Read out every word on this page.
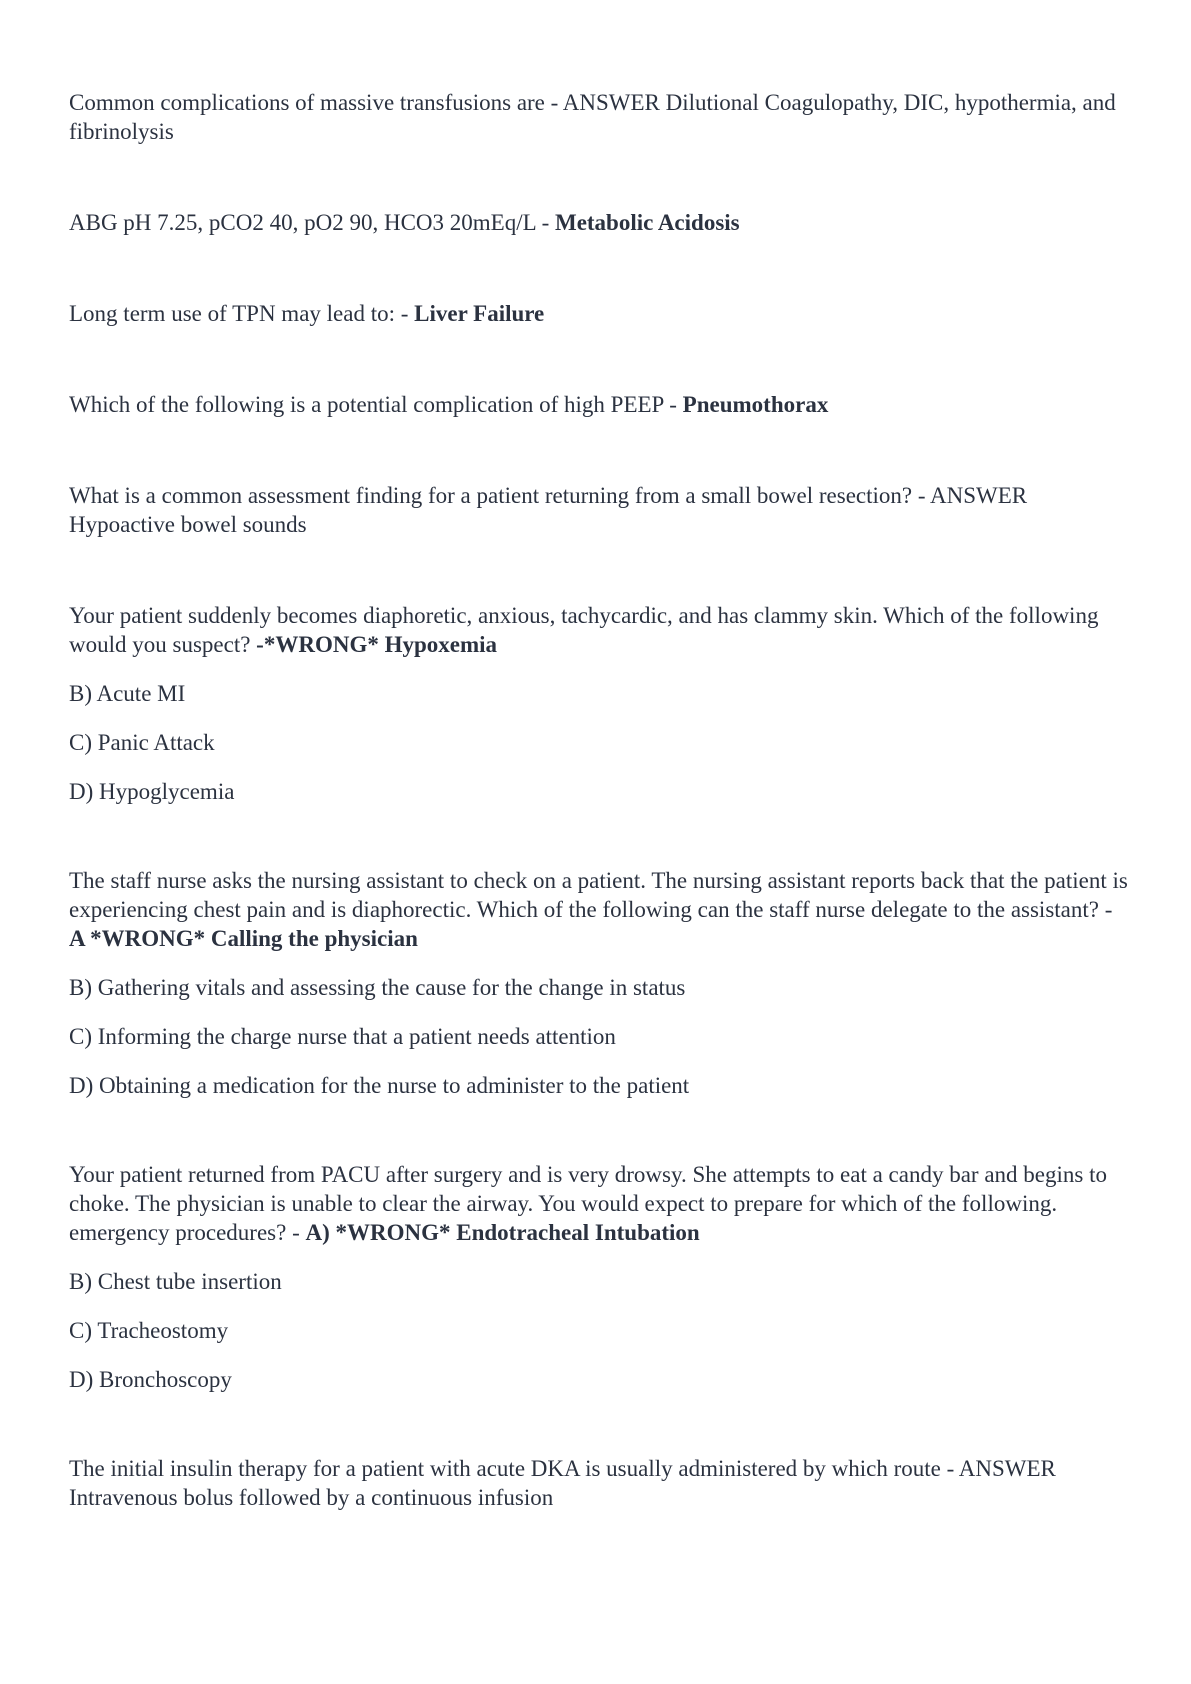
Common complications of massive transfusions are - ANSWER Dilutional Coagulopathy, DIC, hypothermia, and fibrinolysis

ABG pH 7.25, pCO2 40, pO2 90, HCO3 20mEq/L - Metabolic Acidosis

Long term use of TPN may lead to: - Liver Failure

Which of the following is a potential complication of high PEEP - Pneumothorax

What is a common assessment finding for a patient returning from a small bowel resection? - ANSWER Hypoactive bowel sounds

Your patient suddenly becomes diaphoretic, anxious, tachycardic, and has clammy skin. Which of the following would you suspect? -*WRONG* Hypoxemia

B) Acute MI

C) Panic Attack

D) Hypoglycemia

The staff nurse asks the nursing assistant to check on a patient. The nursing assistant reports back that the patient is experiencing chest pain and is diaphorectic. Which of the following can the staff nurse delegate to the assistant? - A *WRONG* Calling the physician

B) Gathering vitals and assessing the cause for the change in status

C) Informing the charge nurse that a patient needs attention

D) Obtaining a medication for the nurse to administer to the patient

Your patient returned from PACU after surgery and is very drowsy. She attempts to eat a candy bar and begins to choke. The physician is unable to clear the airway. You would expect to prepare for which of the following. emergency procedures? - A) *WRONG* Endotracheal Intubation

B) Chest tube insertion

C) Tracheostomy

D) Bronchoscopy

The initial insulin therapy for a patient with acute DKA is usually administered by which route - ANSWER Intravenous bolus followed by a continuous infusion
